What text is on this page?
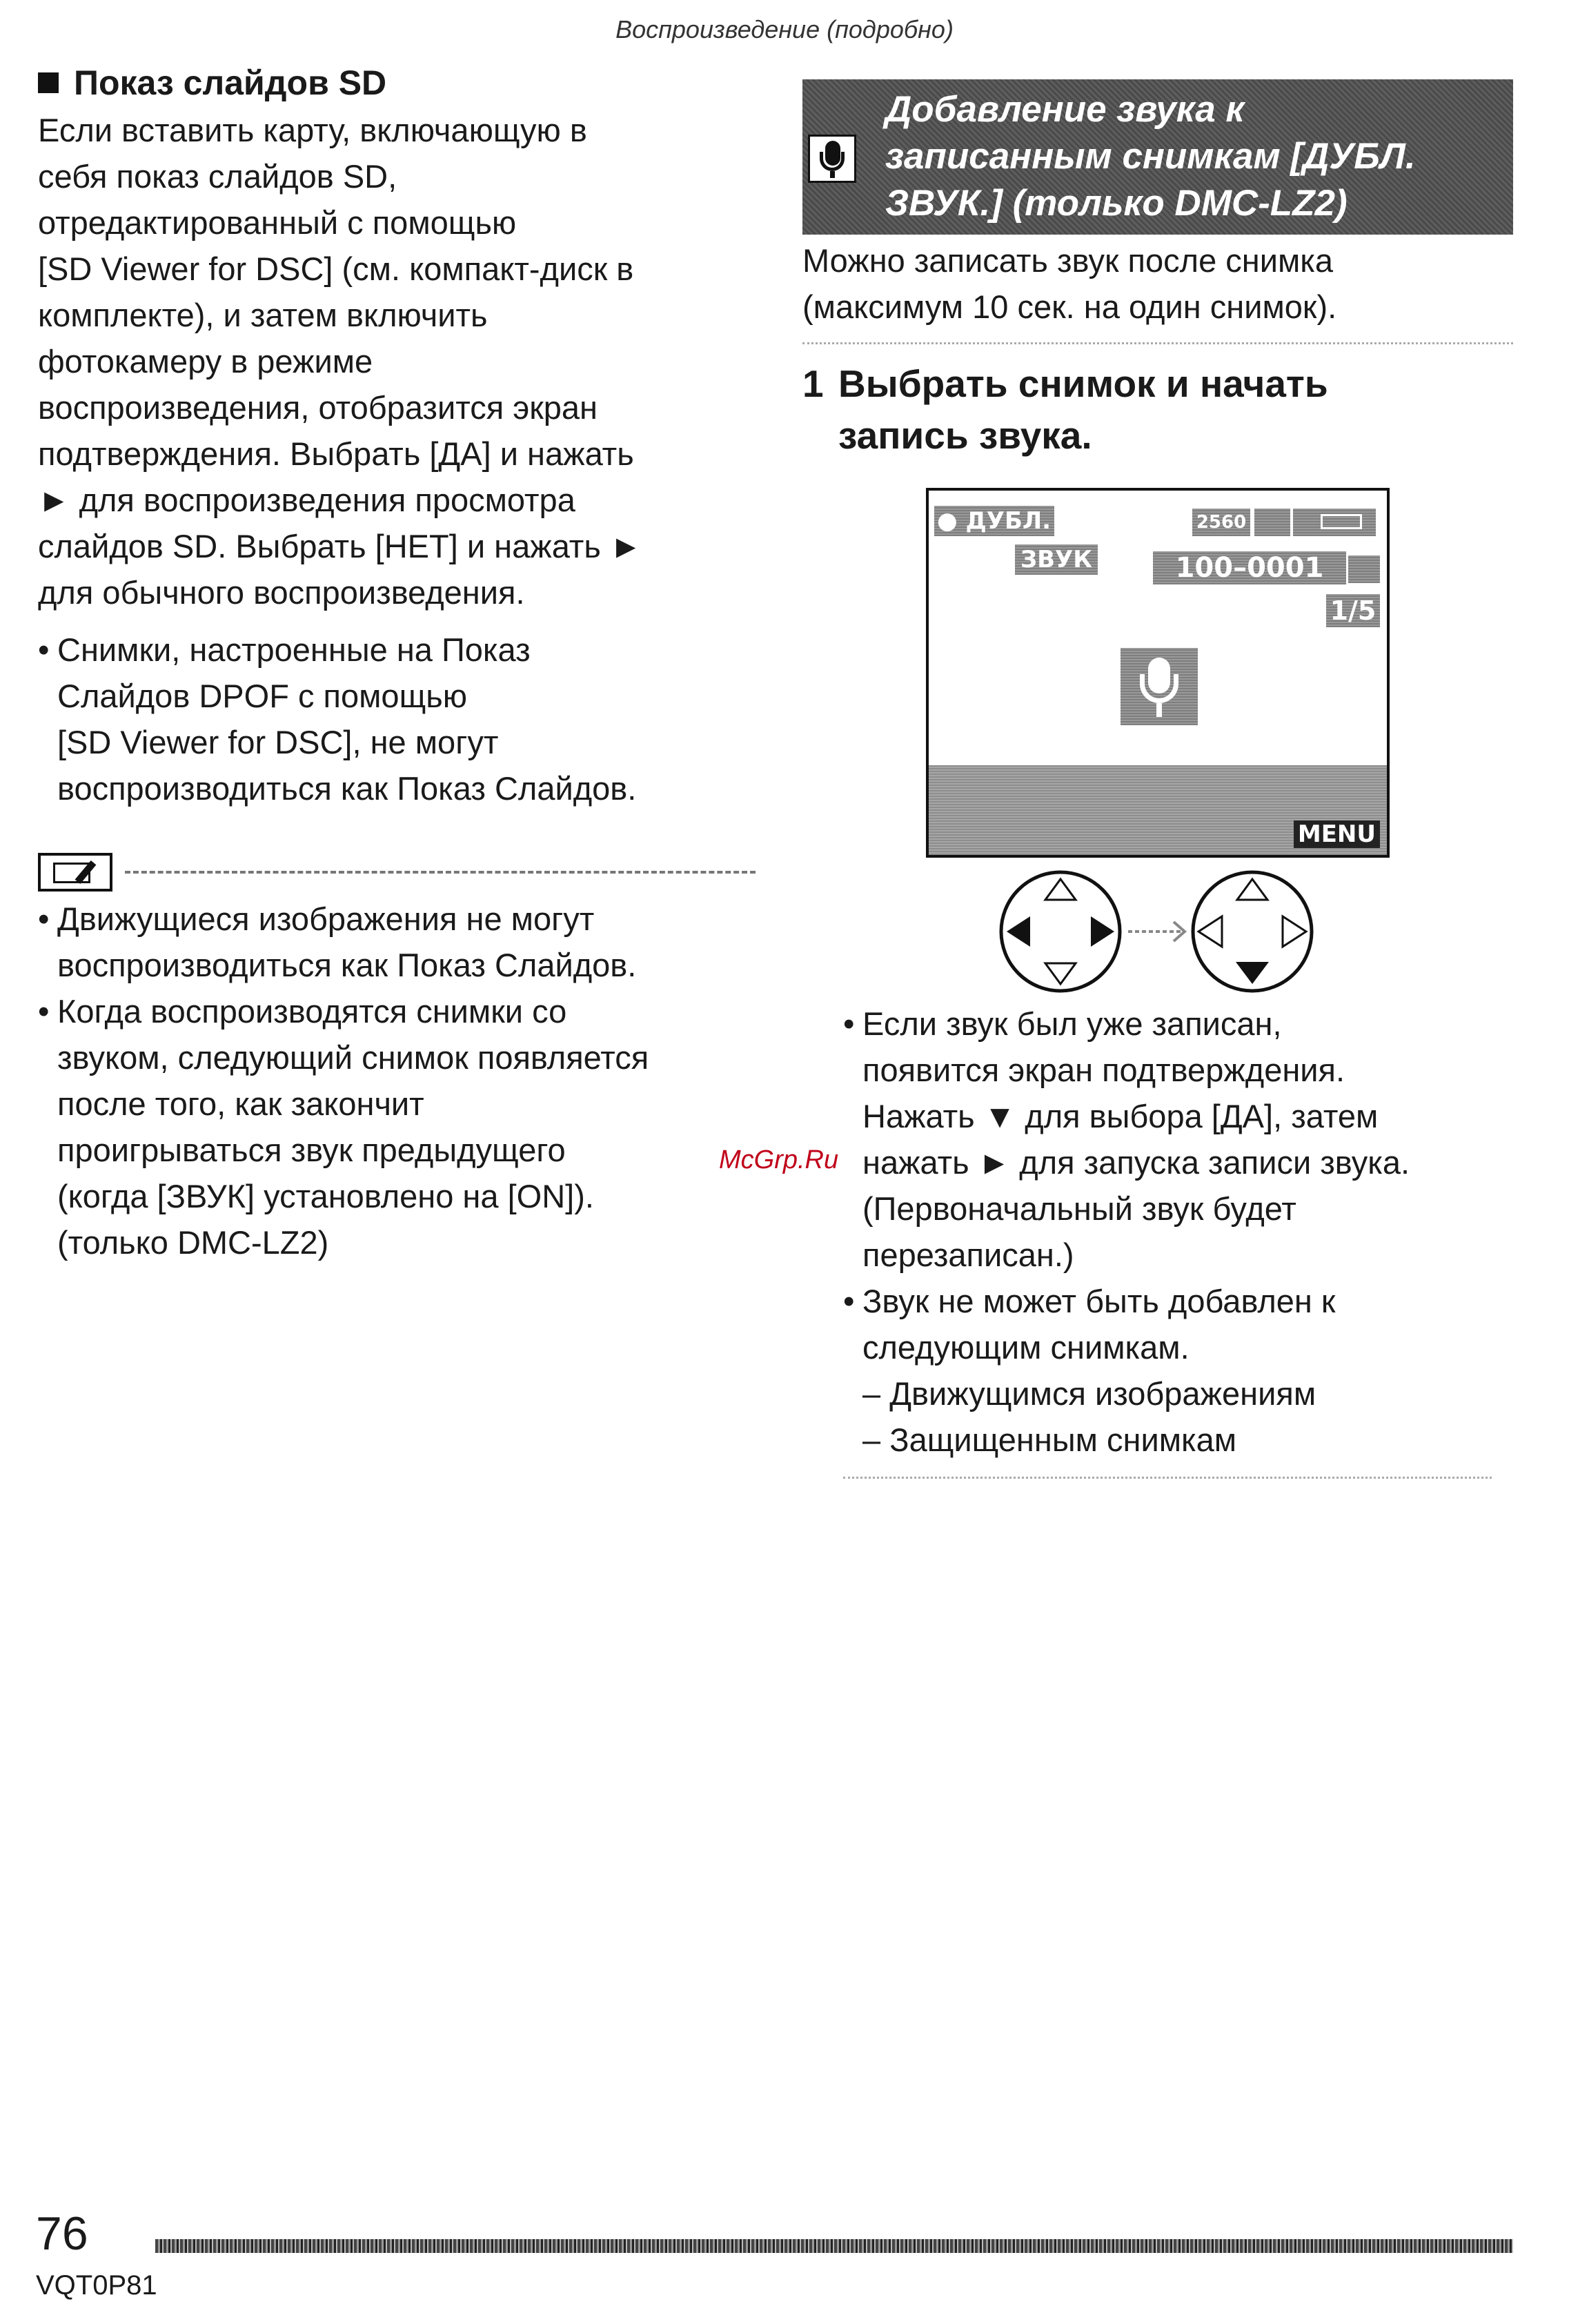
Воспроизведение (подробно)
Показ слайдов SD

Если вставить карту, включающую в
себя показ слайдов SD,
отредактированный с помощью
[SD Viewer for DSC] (см. компакт-диск в
комплекте), и затем включить
фотокамеру в режиме
воспроизведения, отобразится экран
подтверждения. Выбрать [ДА] и нажать
► для воспроизведения просмотра
слайдов SD. Выбрать [НЕТ] и нажать ►
для обычного воспроизведения.

• Снимки, настроенные на Показ
Слайдов DPOF с помощью
[SD Viewer for DSC], не могут
воспроизводиться как Показ Слайдов.
• Движущиеся изображения не могут
воспроизводиться как Показ Слайдов.
• Когда воспроизводятся снимки со
звуком, следующий снимок появляется
после того, как закончит
проигрываться звук предыдущего
(когда [ЗВУК] установлено на [ON]).
(только DMC-LZ2)
Добавление звука к
записанным снимкам [ДУБЛ.
ЗВУК.] (только DMC-LZ2)

Можно записать звук после снимка
(максимум 10 сек. на один снимок).

1 Выбрать снимок и начать
запись звука.
● ДУБЛ.
ЗВУК
2560
100–0001
1/5
MENU
• Если звук был уже записан,
появится экран подтверждения.
Нажать ▼ для выбора [ДА], затем
нажать ► для запуска записи звука.
(Первоначальный звук будет
перезаписан.)
• Звук не может быть добавлен к
следующим снимкам.
– Движущимся изображениям
– Защищенным снимкам
McGrp.Ru
76
VQT0P81
